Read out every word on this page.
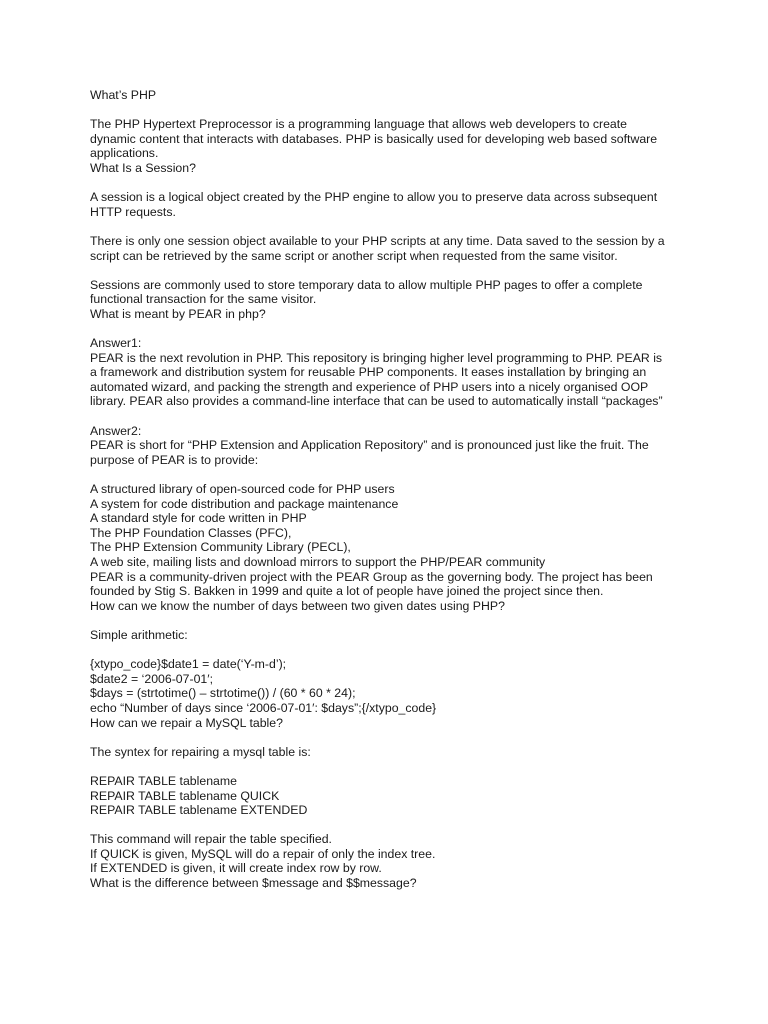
What’s PHP
The PHP Hypertext Preprocessor is a programming language that allows web developers to create
dynamic content that interacts with databases. PHP is basically used for developing web based software
applications.
What Is a Session?
A session is a logical object created by the PHP engine to allow you to preserve data across subsequent
HTTP requests.
There is only one session object available to your PHP scripts at any time. Data saved to the session by a
script can be retrieved by the same script or another script when requested from the same visitor.
Sessions are commonly used to store temporary data to allow multiple PHP pages to offer a complete
functional transaction for the same visitor.
What is meant by PEAR in php?
Answer1:
PEAR is the next revolution in PHP. This repository is bringing higher level programming to PHP. PEAR is
a framework and distribution system for reusable PHP components. It eases installation by bringing an
automated wizard, and packing the strength and experience of PHP users into a nicely organised OOP
library. PEAR also provides a command-line interface that can be used to automatically install “packages”
Answer2:
PEAR is short for “PHP Extension and Application Repository” and is pronounced just like the fruit. The
purpose of PEAR is to provide:
A structured library of open-sourced code for PHP users
A system for code distribution and package maintenance
A standard style for code written in PHP
The PHP Foundation Classes (PFC),
The PHP Extension Community Library (PECL),
A web site, mailing lists and download mirrors to support the PHP/PEAR community
PEAR is a community-driven project with the PEAR Group as the governing body. The project has been
founded by Stig S. Bakken in 1999 and quite a lot of people have joined the project since then.
How can we know the number of days between two given dates using PHP?
Simple arithmetic:
{xtypo_code}$date1 = date(‘Y-m-d’);
$date2 = ‘2006-07-01′;
$days = (strtotime() – strtotime()) / (60 * 60 * 24);
echo “Number of days since ‘2006-07-01′: $days”;{/xtypo_code}
How can we repair a MySQL table?
The syntex for repairing a mysql table is:
REPAIR TABLE tablename
REPAIR TABLE tablename QUICK
REPAIR TABLE tablename EXTENDED
This command will repair the table specified.
If QUICK is given, MySQL will do a repair of only the index tree.
If EXTENDED is given, it will create index row by row.
What is the difference between $message and $$message?
